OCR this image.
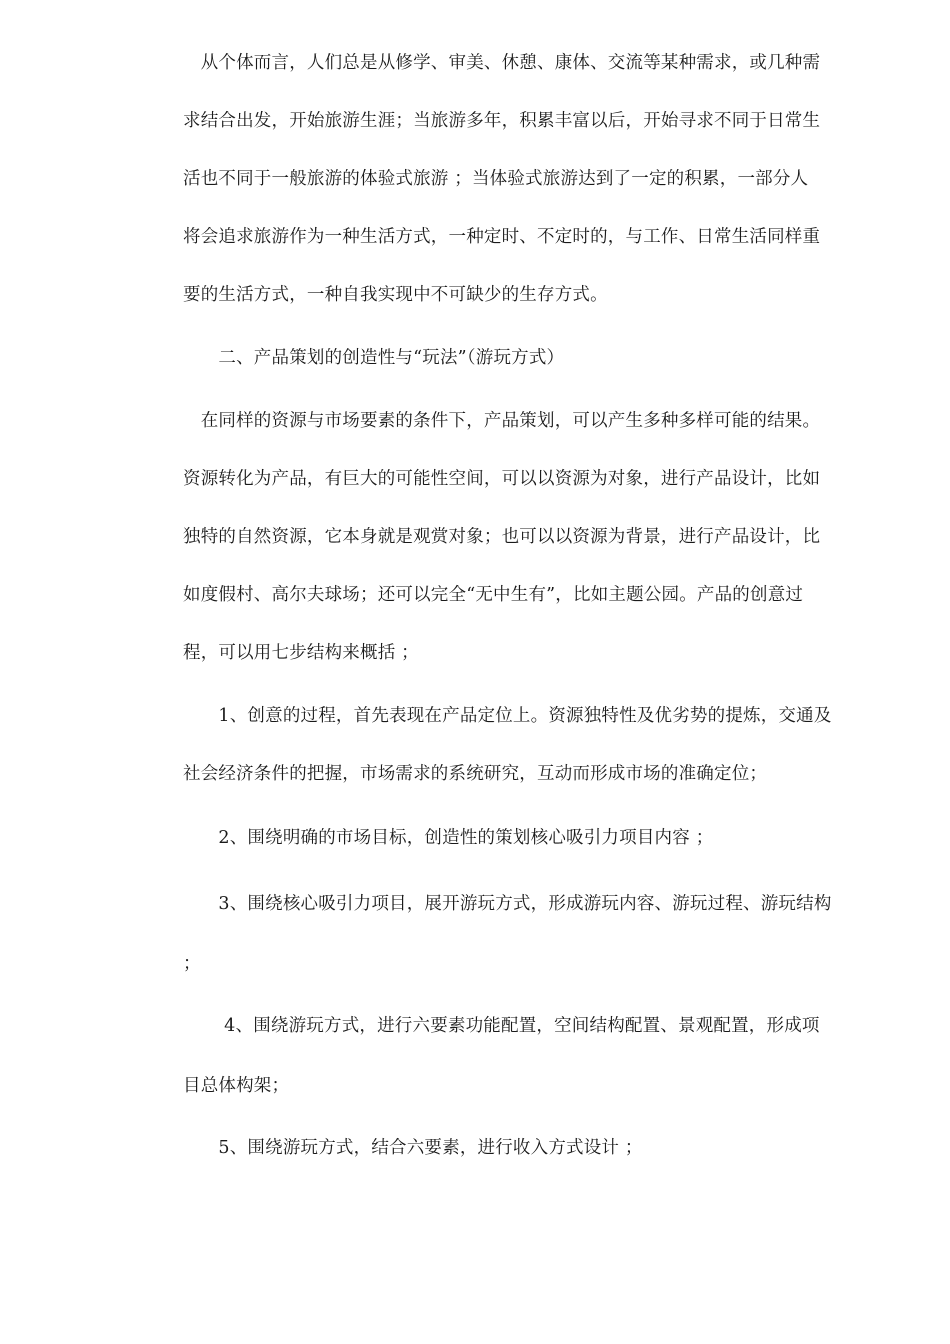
　从个体而言，人们总是从修学、审美、休憩、康体、交流等某种需求，或几种需
求结合出发，开始旅游生涯；当旅游多年，积累丰富以后，开始寻求不同于日常生
活也不同于一般旅游的体验式旅游 ；当体验式旅游达到了一定的积累，一部分人
将会追求旅游作为一种生活方式，一种定时、不定时的，与工作、日常生活同样重
要的生活方式，一种自我实现中不可缺少的生存方式。
　　二、产品策划的创造性与“玩法”（游玩方式）
　在同样的资源与市场要素的条件下，产品策划，可以产生多种多样可能的结果。
资源转化为产品，有巨大的可能性空间，可以以资源为对象，进行产品设计，比如
独特的自然资源，它本身就是观赏对象；也可以以资源为背景，进行产品设计，比
如度假村、高尔夫球场；还可以完全“无中生有”，比如主题公园。产品的创意过
程，可以用七步结构来概括 ；
　　1、创意的过程，首先表现在产品定位上。资源独特性及优劣势的提炼，交通及
社会经济条件的把握，市场需求的系统研究，互动而形成市场的准确定位；
　　2、围绕明确的市场目标，创造性的策划核心吸引力项目内容 ；
　　3、围绕核心吸引力项目，展开游玩方式，形成游玩内容、游玩过程、游玩结构
；
　　 4、围绕游玩方式，进行六要素功能配置，空间结构配置、景观配置，形成项
目总体构架；
　　5、围绕游玩方式，结合六要素，进行收入方式设计 ；
